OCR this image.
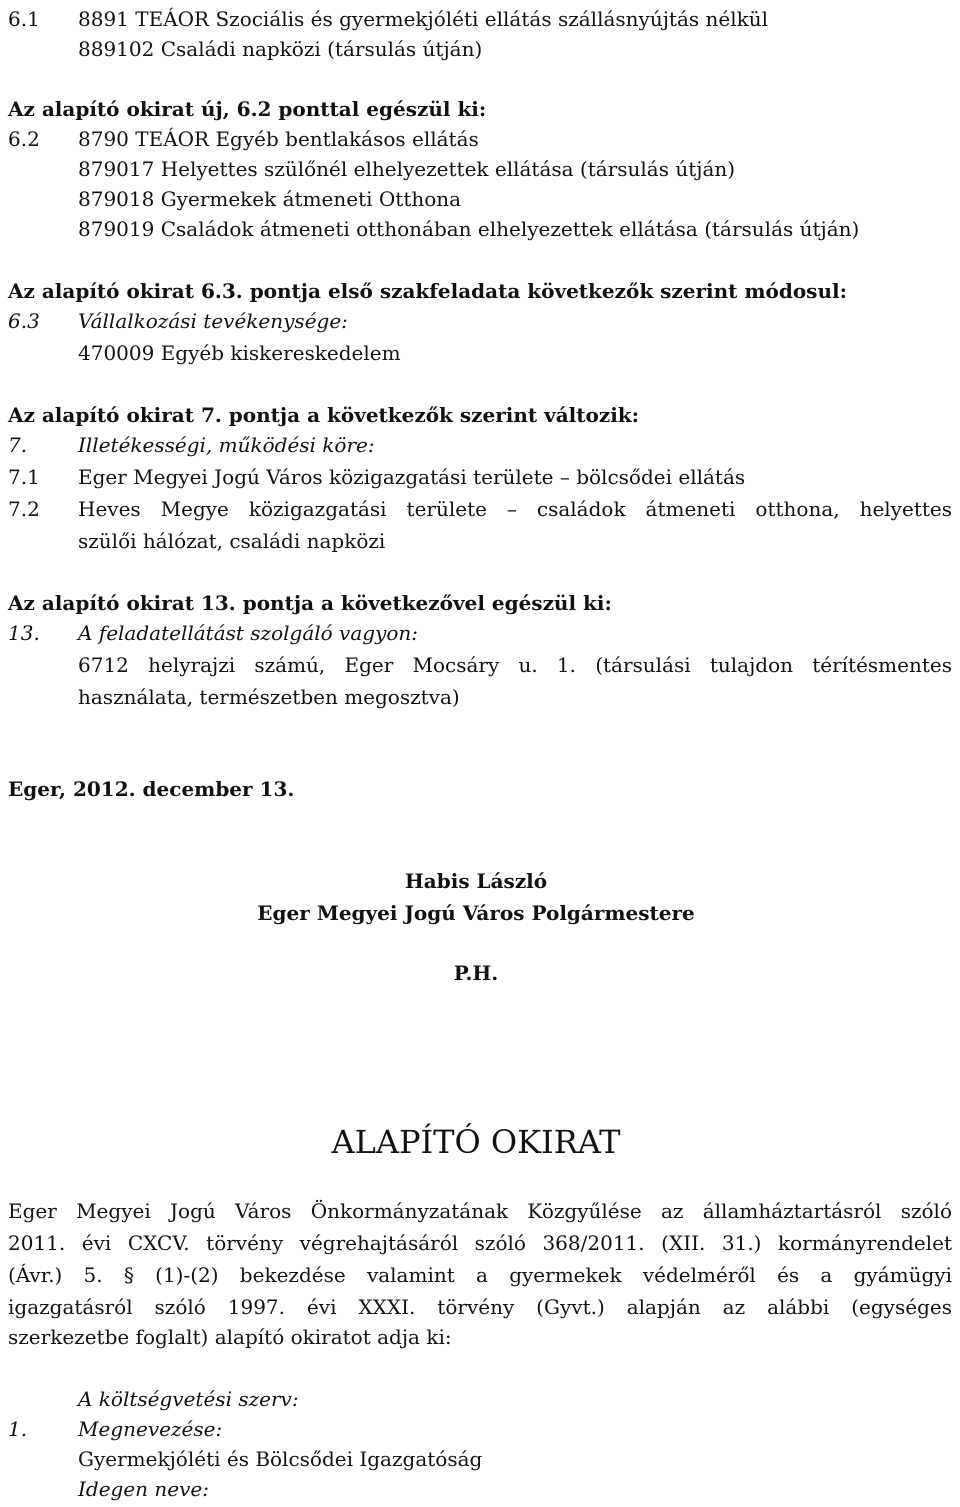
6.1 8891 TEÁOR Szociális és gyermekjóléti ellátás szállásnyújtás nélkül
889102 Családi napközi (társulás útján)
Az alapító okirat új, 6.2 ponttal egészül ki:
6.2 8790 TEÁOR Egyéb bentlakásos ellátás
879017 Helyettes szülőnél elhelyezettek ellátása (társulás útján)
879018 Gyermekek átmeneti Otthona
879019 Családok átmeneti otthonában elhelyezettek ellátása (társulás útján)
Az alapító okirat 6.3. pontja első szakfeladata következők szerint módosul:
6.3 Vállalkozási tevékenysége:
470009 Egyéb kiskereskedelem
Az alapító okirat 7. pontja a következők szerint változik:
7.	Illetékességi, működési köre:
7.1 Eger Megyei Jogú Város közigazgatási területe – bölcsődei ellátás
7.2 Heves Megye közigazgatási területe – családok átmeneti otthona, helyettes
szülői hálózat, családi napközi
Az alapító okirat 13. pontja a következővel egészül ki:
13. A feladatellátást szolgáló vagyon:
6712 helyrajzi számú, Eger Mocsáry u. 1. (társulási tulajdon térítésmentes
használata, természetben megosztva)
Eger, 2012. december 13.
Habis László
Eger Megyei Jogú Város Polgármestere
P.H.
ALAPÍTÓ OKIRAT
Eger Megyei Jogú Város Önkormányzatának Közgyűlése az államháztartásról szóló
2011. évi CXCV. törvény végrehajtásáról szóló 368/2011. (XII. 31.) kormányrendelet
(Ávr.) 5. § (1)-(2) bekezdése valamint a gyermekek védelméről és a gyámügyi
igazgatásról szóló 1997. évi XXXI. törvény (Gyvt.) alapján az alábbi (egységes
szerkezetbe foglalt) alapító okiratot adja ki:
A költségvetési szerv:
1.	Megnevezése:
Gyermekjóléti és Bölcsődei Igazgatóság
Idegen neve:
